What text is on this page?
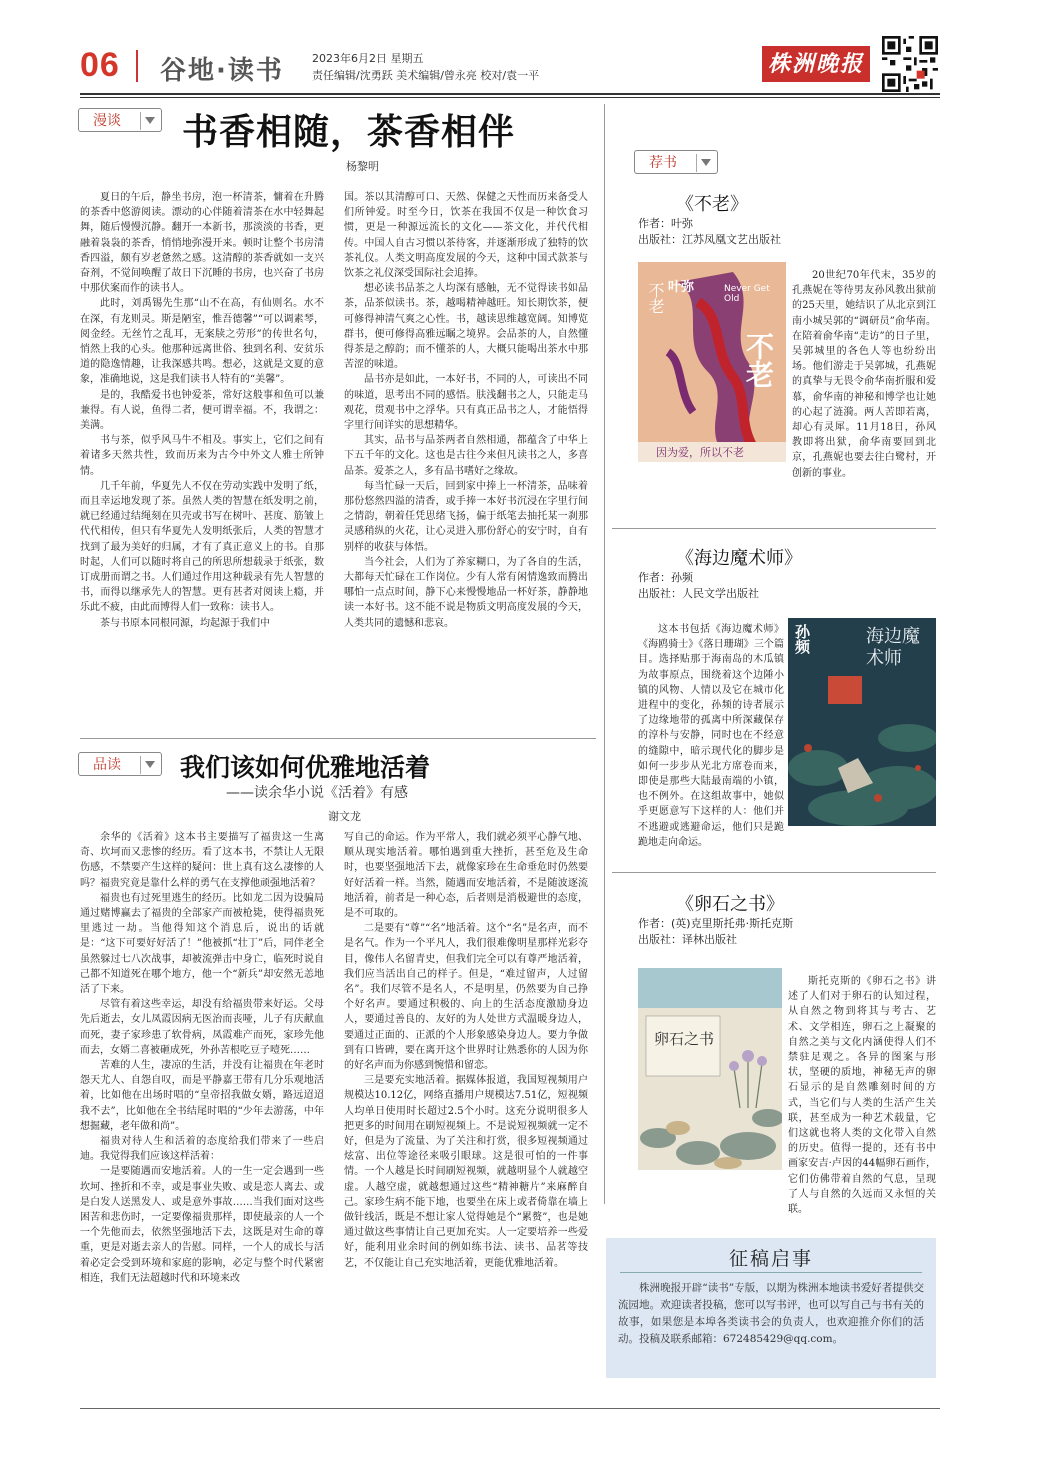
06 谷地·读书	2023年6月2日 星期五
责任编辑/沈勇跃 美术编辑/曾永亮 校对/袁一平	株洲晚报
漫谈	书香相随，茶香相伴
杨黎明

夏日的午后，静坐书房，泡一杯清茶，慵着在升腾的茶香中悠游阅读。漂动的心伴随着清茶在水中轻舞起舞，随后慢慢沉静。翻开一本新书，那淡淡的书香，更融着袅袅的茶香，悄悄地弥漫开来。顿时让整个书房清香四溢，颇有岁老惫然之感。这清醇的茶香就如一支兴奋剂，不觉间唤醒了故日下沉睡的书房，也兴奋了书房中那伏案而作的读书人。

此时，刘禹锡先生那“山不在高，有仙则名。水不在深，有龙则灵。斯是陋室，惟吾德馨”“可以调素琴，阅金经。无丝竹之乱耳，无案牍之劳形”的传世名句，悄然上我的心头。他那种远离世俗、独到名利、安贫乐道的隐逸情趣，让我深感共鸣。想必，这就是文夏的意象，准确地说，这是我们读书人特有的“美馨”。

是的，我酷爱书也钟爱茶，常好这般事和鱼可以兼兼得。有人说，鱼得二者，便可谓幸福。不，我谓之：美满。

书与茶，似乎风马牛不相及。事实上，它们之间有着诸多天然共性，致而历来为古今中外文人雅士所钟情。

几千年前，华夏先人不仅在劳动实践中发明了纸，而且幸运地发现了茶。虽然人类的智慧在纸发明之前，就已经通过结绳刻在贝壳或书写在树叶、甚度、筋皱上代代相传，但只有华夏先人发明纸张后，人类的智慧才找到了最为美好的归属，才有了真正意义上的书。自那时起，人们可以随时将自己的所思所想载录于纸张，数订成册而谓之书。人们通过作用这种载录有先人智慧的书，而得以继承先人的智慧。更有甚者对阅读上瘾，并乐此不疲，由此而博得人们一致称：读书人。

茶与书原本同根同源，均起源于我们中

国。茶以其清醇可口、天然、保健之天性而历来备受人们所钟爱。时至今日，饮茶在我国不仅是一种饮食习惯，更是一种源远流长的文化——茶文化，并代代相传。中国人自古习惯以茶待客，并逐渐形成了独特的饮茶礼仪。人类文明高度发展的今天，这种中国式款茶与饮茶之礼仪深受国际社会追捧。

想必读书品茶之人均深有感触，无不觉得读书如品茶，品茶似读书。茶，越喝精神越旺。知长期饮茶，便可修得神清气爽之心性。书，越读思维越宽阔。知博览群书，便可修得高雅远瞩之境界。会品茶的人，自然懂得茶是之醇韵；而不懂茶的人，大概只能喝出茶水中那苦涩的味道。

品书亦是如此，一本好书，不同的人，可读出不同的味道，思考出不同的感悟。肤浅翻书之人，只能走马观花，贯观书中之浮华。只有真正品书之人，才能悟得字里行间详实的思想精华。

其实，品书与品茶两者自然相通，都蕴含了中华上下五千年的文化。这也是古往今来但凡读书之人，多喜品茶。爱茶之人，多有品书嗜好之缘故。

每当忙碌一天后，回到家中捧上一杯清茶，品味着那份悠然四溢的清香，或手捧一本好书沉浸在字里行间之情韵，朝着任凭思绪飞扬，偏于纸笔去抽托某一刹那灵感稍纵的火花，让心灵进入那份舒心的安宁时，自有别样的收获与体悟。

当今社会，人们为了养家糊口，为了各自的生活，大都每天忙碌在工作岗位。少有人常有闲情逸致而腾出哪怕一点点时间，静下心来慢慢地品一杯好茶，静静地读一本好书。这不能不说是物质文明高度发展的今天，人类共同的遗憾和悲哀。

品读	我们该如何优雅地活着
——读余华小说《活着》有感
谢文龙

余华的《活着》这本书主要描写了福贵这一生离奇、坎坷而又悲惨的经历。看了这本书，不禁让人无限伤感，不禁要产生这样的疑问：世上真有这么凄惨的人吗？福贵究竟是靠什么样的勇气在支撑他顽强地活着？

福贵也有过死里逃生的经历。比如龙二因为设骗局通过赌博赢去了福贵的全部家产而被枪毙，使得福贵死里逃过一劫。当他得知这个消息后，说出的话就是：“这下可要好好活了！”他被抓“壮丁”后，同伴老全虽然躲过七八次战事，却被流弹击中身亡，临死时说自己都不知道死在哪个地方，他一个“新兵”却安然无恙地活了下来。

尽管有着这些幸运，却没有给福贵带来好运。父母先后逝去，女儿凤霞因病无医治而丧哑，儿子有庆献血而死，妻子家珍患了软骨病，凤霞难产而死，家珍先他而去，女婿二喜被砸成死，外孙苦根吃豆子噎死……

苦难的人生，凄凉的生活，并没有让福贵在年老时怨天尤人、自怨自叹，而是平静嘉王带有几分乐观地活着，比如他在出场时唱的“皇帝招我做女婿，路远迢迢我不去”，比如他在全书结尾时唱的“少年去游荡，中年想掘藏，老年做和尚”。

福贵对待人生和活着的态度给我们带来了一些启迪。我觉得我们应该这样活着：

一是要随遇而安地活着。人的一生一定会遇到一些坎坷、挫折和不幸，或是事业失败、或是恋人离去、或是白发人送黑发人、或是意外事故……当我们面对这些困苦和悲伤时，一定要像福贵那样，即使最亲的人一个一个先他而去，依然坚强地活下去，这既是对生命的尊重，更是对逝去亲人的告慰。同样，一个人的成长与活着必定会受到环境和家庭的影响，必定与整个时代紧密相连，我们无法超越时代和环境来改

写自己的命运。作为平常人，我们就必须平心静气地、顺从现实地活着。哪怕遇到重大挫折，甚至危及生命时，也要坚强地活下去，就像家珍在生命垂危时仍然要好好活着一样。当然，随遇而安地活着，不是随波逐流地活着，前者是一种心态，后者则是消极避世的态度，是不可取的。

二是要有“尊”“名”地活着。这个“名”是名声，而不是名气。作为一个平凡人，我们很难像明星那样光彩夺目，像伟人名留青史，但我们完全可以有尊严地活着，我们应当活出自己的样子。但是，“难过留声，人过留名”。我们尽管不是名人，不是明星，仍然要为自己挣个好名声。要通过积极的、向上的生活态度激励身边人，要通过善良的、友好的为人处世方式温暖身边人，要通过正面的、正派的个人形象感染身边人。要力争做到有口皆碑，要在离开这个世界时让熟悉你的人因为你的好名声而为你感到惋惜和留恋。

三是要充实地活着。据媒体报道，我国短视频用户规模达10.12亿，网络直播用户规模达7.51亿，短视频人均单日使用时长超过2.5个小时。这充分说明很多人把更多的时间用在刷短视频上。不是说短视频就一定不好，但是为了流量、为了关注和打赏，很多短视频通过炫富、出位等途径来吸引眼球。这是很可怕的一件事情。一个人越是长时间刷短视频，就越明显个人就越空虚。人越空虚，就越想通过这些“精神糖片”来麻醉自己。家珍生病不能下地，也要坐在床上或者倚靠在墙上做针线活，既是不想让家人觉得她是个“累赘”，也是她通过做这些事情让自己更加充实。人一定要培养一些爱好，能利用业余时间的例如练书法、读书、品茗等技艺，不仅能让自己充实地活着，更能优雅地活着。

荐书
《不老》
作者：叶弥
出版社：江苏凤凰文艺出版社
不老 叶弥	Never Get Old
不老
因为爱，所以不老

20世纪70年代末，35岁的孔燕妮在等待男友孙风教出狱前的25天里，她结识了从北京到江南小城吴郭的“调研员”俞华南。在陪着俞华南“走访”的日子里，吴郭城里的各色人等也纷纷出场。他们游走于吴郭城，孔燕妮的真挚与无畏令俞华南折服和爱慕，俞华南的神秘和博学也让她的心起了涟漪。两人苦即若离，却心有灵犀。11月18日，孙风教即将出狱，俞华南要回到北京，孔燕妮也要去往白鹭村，开创新的事业。

《海边魔术师》
作者：孙频
出版社：人民文学出版社
孙频	海边魔术师

这本书包括《海边魔术师》《海鸥骑士》《落日珊瑚》三个篇目。选择贴那于海南岛的木瓜镇为故事原点，围绕着这个边陲小镇的风物、人情以及它在城市化进程中的变化，孙频的诗者展示了边缘地带的孤离中所深藏保存的淳朴与安静，同时也在不经意的缝隙中，暗示现代化的脚步是如何一步步从光北方席卷而来，即使是那些大陆最南端的小镇，也不例外。在这组故事中，她似乎更愿意写下这样的人：他们并不逃避或逃避命运，他们只是跪跪地走向命运。

《卵石之书》
作者：(英)克里斯托弗·斯托克斯
出版社：译林出版社
卵石之书

斯托克斯的《卵石之书》讲述了人们对于卵石的认知过程，从自然之物到将其与考古、艺术、文学相连，卵石之上凝聚的自然之美与文化内涵使得人们不禁驻足观之。各异的图案与形状，坚硬的质地，神秘无声的卵石显示的是自然雕刻时间的方式，当它们与人类的生活产生关联，甚至成为一种艺术载量，它们这就也将人类的文化带入自然的历史。值得一提的，还有书中画家安吉·卢因的44幅卵石画作，它们仿佛带着自然的气息，呈现了人与自然的久远而又永恒的关联。

征稿启事

株洲晚报开辟“读书”专版，以期为株洲本地读书爱好者提供交流园地。欢迎读者投稿，您可以写书评，也可以写自己与书有关的故事，如果您是本埠各类读书会的负责人，也欢迎推介你们的活动。投稿及联系邮箱：672485429@qq.com。
